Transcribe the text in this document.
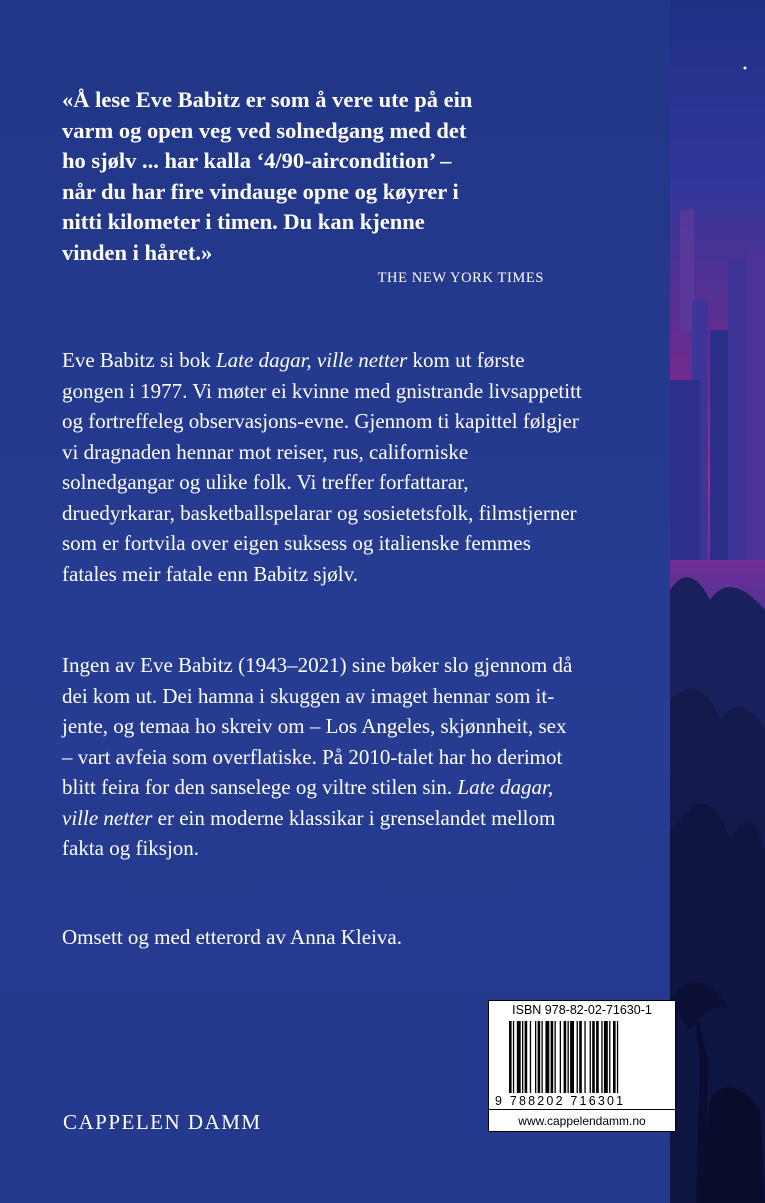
«Å lese Eve Babitz er som å vere ute på ein
varm og open veg ved solnedgang med det
ho sjølv ... har kalla ‘4/90-aircondition’ –
når du har fire vindauge opne og køyrer i
nitti kilometer i timen. Du kan kjenne
vinden i håret.»
THE NEW YORK TIMES

Eve Babitz si bok Late dagar, ville netter kom ut første gongen i 1977. Vi møter ei kvinne med gnistrande livsappetitt og fortreffeleg observasjons-evne. Gjennom ti kapittel følgjer vi dragnaden hennar mot reiser, rus, californiske solnedgangar og ulike folk. Vi treffer forfattarar, druedyrkarar, basketballspelarar og sosietetsfolk, filmstjerner som er fortvila over eigen suksess og italienske femmes fatales meir fatale enn Babitz sjølv.

Ingen av Eve Babitz (1943–2021) sine bøker slo gjennom då dei kom ut. Dei hamna i skuggen av imaget hennar som it-jente, og temaa ho skreiv om – Los Angeles, skjønnheit, sex – vart avfeia som overflatiske. På 2010-talet har ho derimot blitt feira for den sanselege og viltre stilen sin. Late dagar, ville netter er ein moderne klassikar i grenselandet mellom fakta og fiksjon.

Omsett og med etterord av Anna Kleiva.

CAPPELEN DAMM
ISBN 978-82-02-71630-1
9 788202 716301
www.cappelendamm.no
